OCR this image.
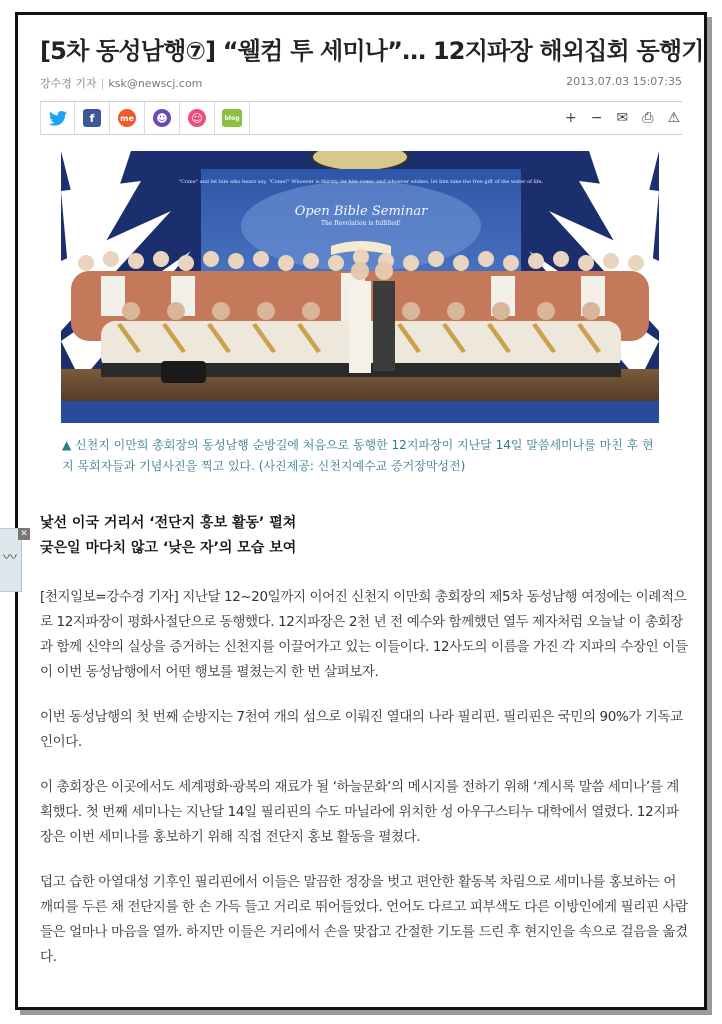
[5차 동성남행⑦] “웰컴 투 세미나”… 12지파장 해외집회 동행기
강수경 기자 | ksk@newscj.com	2013.07.03 15:07:35
f	me ☻ ☺	blog	+ − ✉ ⎙ ⚠
"Come" and let him who hears say, "Come!" Whoever is thirsty, let him come; and whoever wishes, let him take the free gift of the water of life.
Open Bible Seminar
The Revelation is fulfilled!
▲ 신천지 이만희 총회장의 동성남행 순방길에 처음으로 동행한 12지파장이 지난달 14일 말씀세미나를 마친 후 현지 목회자들과 기념사진을 찍고 있다. (사진제공: 신천지예수교 증거장막성전)
낯선 이국 거리서 ‘전단지 홍보 활동’ 펼쳐
궂은일 마다치 않고 ‘낮은 자’의 모습 보여

[천지일보=강수경 기자] 지난달 12~20일까지 이어진 신천지 이만희 총회장의 제5차 동성남행 여정에는 이례적으로 12지파장이 평화사절단으로 동행했다. 12지파장은 2천 년 전 예수와 함께했던 열두 제자처럼 오늘날 이 총회장과 함께 신약의 실상을 증거하는 신천지를 이끌어가고 있는 이들이다. 12사도의 이름을 가진 각 지파의 수장인 이들이 이번 동성남행에서 어떤 행보를 펼쳤는지 한 번 살펴보자.

이번 동성남행의 첫 번째 순방지는 7천여 개의 섬으로 이뤄진 열대의 나라 필리핀. 필리핀은 국민의 90%가 기독교인이다.

이 총회장은 이곳에서도 세계평화·광복의 재료가 될 ‘하늘문화’의 메시지를 전하기 위해 ‘계시록 말씀 세미나’를 계획했다. 첫 번째 세미나는 지난달 14일 필리핀의 수도 마닐라에 위치한 성 아우구스티누 대학에서 열렸다. 12지파장은 이번 세미나를 홍보하기 위해 직접 전단지 홍보 활동을 펼쳤다.

덥고 습한 아열대성 기후인 필리핀에서 이들은 말끔한 정장을 벗고 편안한 활동복 차림으로 세미나를 홍보하는 어깨띠를 두른 채 전단지를 한 손 가득 들고 거리로 뛰어들었다. 언어도 다르고 피부색도 다른 이방인에게 필리핀 사람들은 얼마나 마음을 열까. 하지만 이들은 거리에서 손을 맞잡고 간절한 기도를 드린 후 현지인을 속으로 걸음을 옮겼다.

✕
〰
